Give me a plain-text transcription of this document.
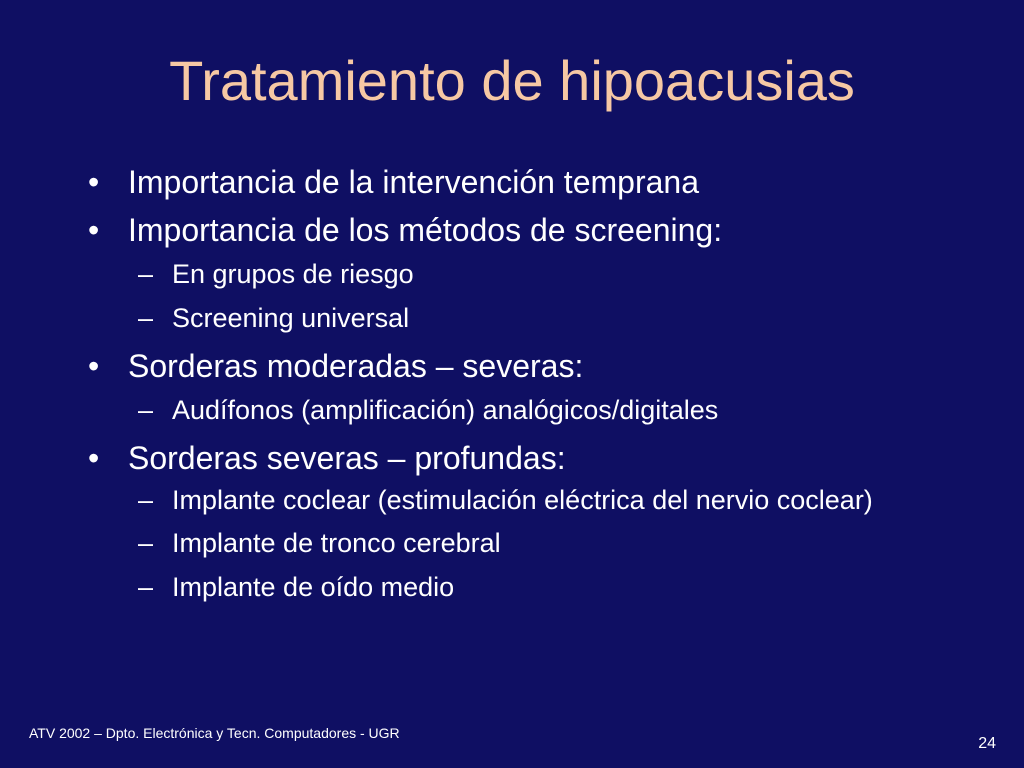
Tratamiento de hipoacusias
• Importancia de la intervención temprana
• Importancia de los métodos de screening:
– En grupos de riesgo
– Screening universal
• Sorderas moderadas – severas:
– Audífonos (amplificación) analógicos/digitales
• Sorderas severas – profundas:
– Implante coclear (estimulación eléctrica del nervio coclear)
– Implante de tronco cerebral
– Implante de oído medio
ATV 2002 – Dpto. Electrónica y Tecn. Computadores - UGR
24
